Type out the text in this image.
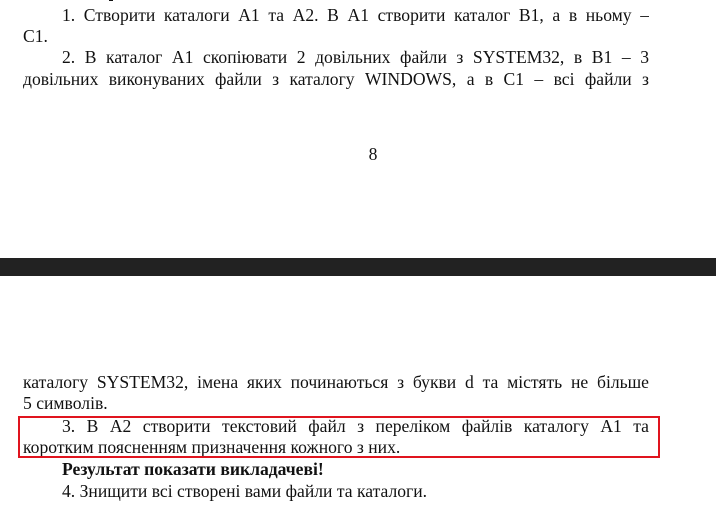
1. Створити каталоги А1 та А2. В А1 створити каталог В1, а в ньому –
С1.
2. В каталог А1 скопіювати 2 довільних файли з SYSTEM32, в В1 – 3
довільних виконуваних файли з каталогу WINDOWS, а в С1 – всі файли з
8
каталогу SYSTEM32, імена яких починаються з букви d та містять не більше
5 символів.
3. В А2 створити текстовий файл з переліком файлів каталогу А1 та
коротким поясненням призначення кожного з них.
Результат показати викладачеві!
4. Знищити всі створені вами файли та каталоги.
